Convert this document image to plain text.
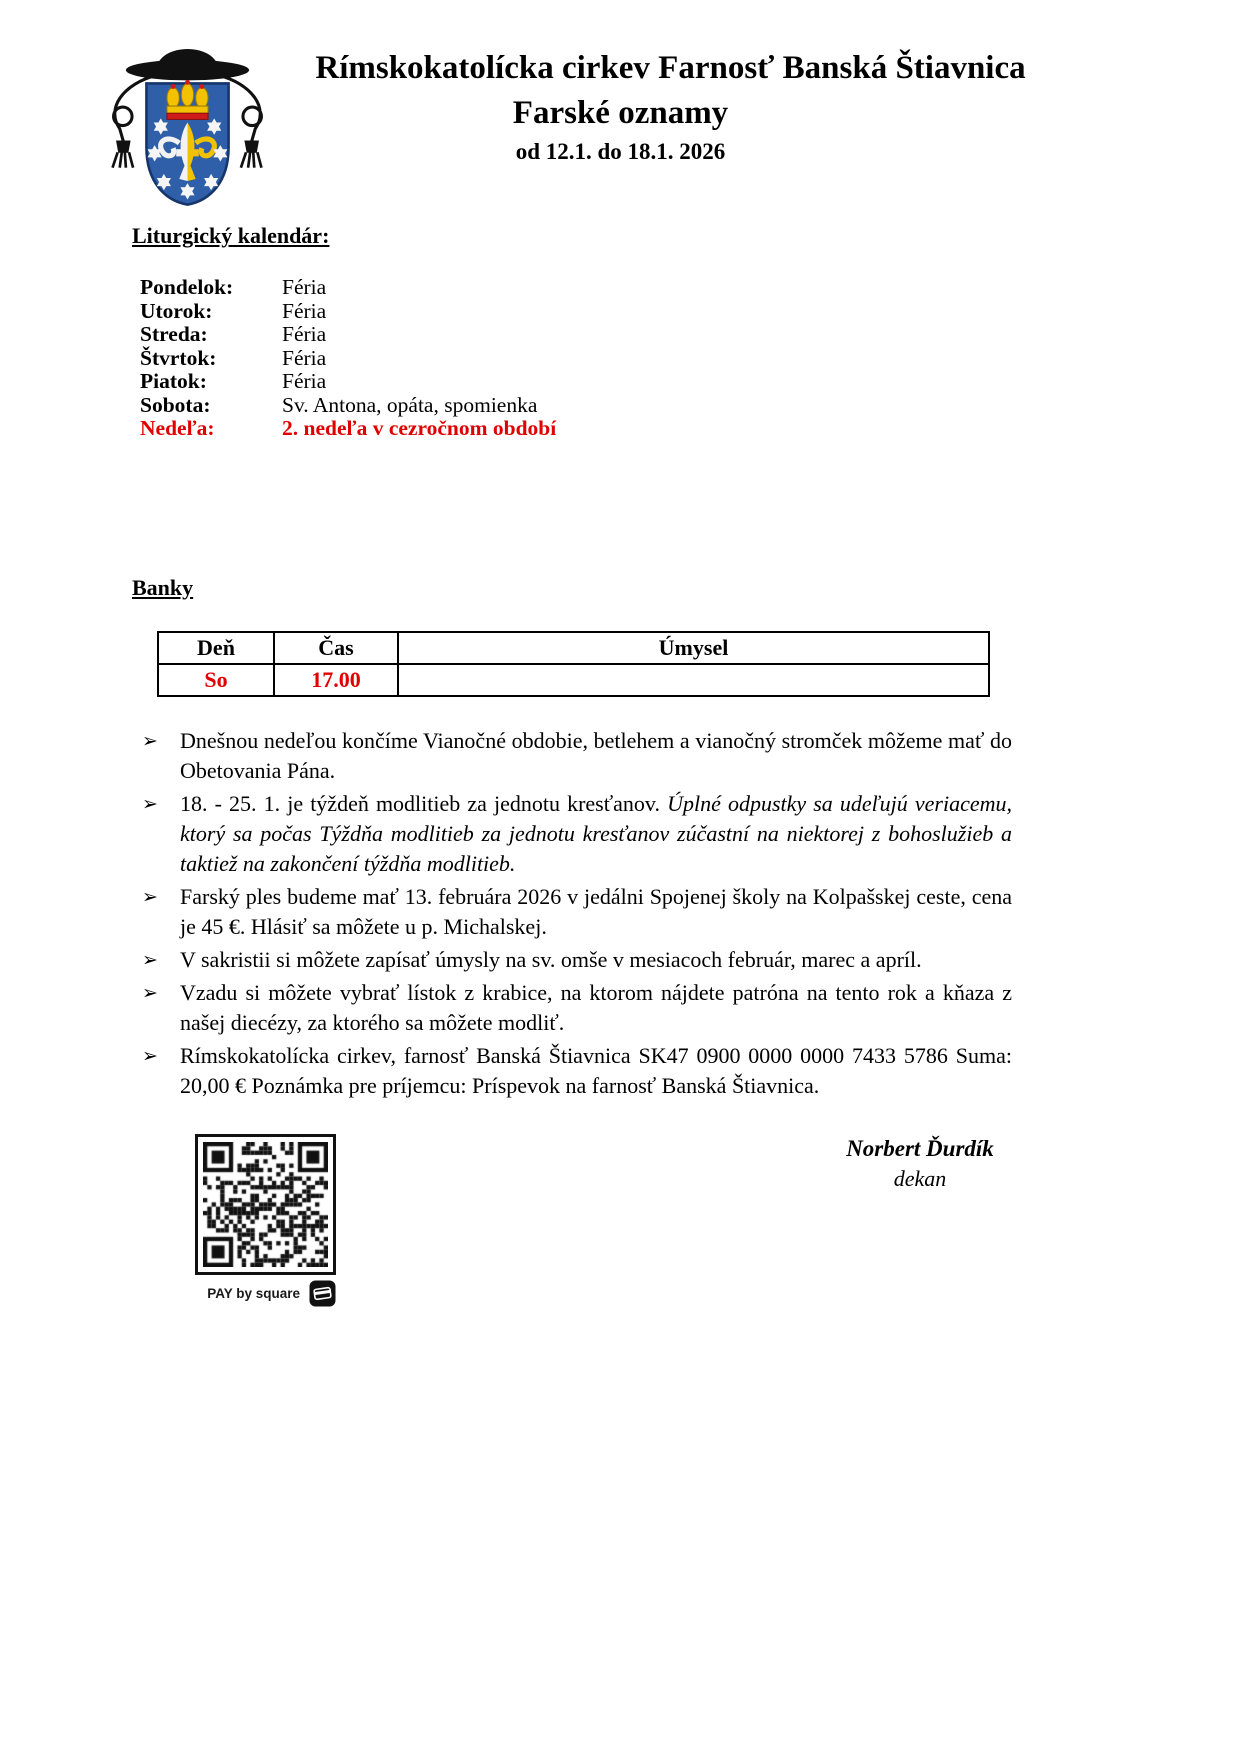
Rímskokatolícka cirkev Farnosť Banská Štiavnica
Farské oznamy
od 12.1. do 18.1. 2026
Liturgický kalendár:
Pondelok:	Féria
Utorok:	Féria
Streda:	Féria
Štvrtok:	Féria
Piatok:	Féria
Sobota:	Sv. Antona, opáta, spomienka
Nedeľa:	2. nedeľa v cezročnom období
Banky
Deň	Čas	Úmysel
So	17.00	
➢ Dnešnou nedeľou končíme Vianočné obdobie, betlehem a vianočný stromček môžeme mať do Obetovania Pána.
➢ 18. - 25. 1. je týždeň modlitieb za jednotu kresťanov. Úplné odpustky sa udeľujú veriacemu, ktorý sa počas Týždňa modlitieb za jednotu kresťanov zúčastní na niektorej z bohoslužieb a taktiež na zakončení týždňa modlitieb.
➢ Farský ples budeme mať 13. februára 2026 v jedálni Spojenej školy na Kolpašskej ceste, cena je 45 €. Hlásiť sa môžete u p. Michalskej.
➢ V sakristii si môžete zapísať úmysly na sv. omše v mesiacoch február, marec a apríl.
➢ Vzadu si môžete vybrať lístok z krabice, na ktorom nájdete patróna na tento rok a kňaza z našej diecézy, za ktorého sa môžete modliť.
➢ Rímskokatolícka cirkev, farnosť Banská Štiavnica SK47 0900 0000 0000 7433 5786 Suma: 20,00 € Poznámka pre príjemcu: Príspevok na farnosť Banská Štiavnica.
PAY by square
Norbert Ďurdík
dekan
